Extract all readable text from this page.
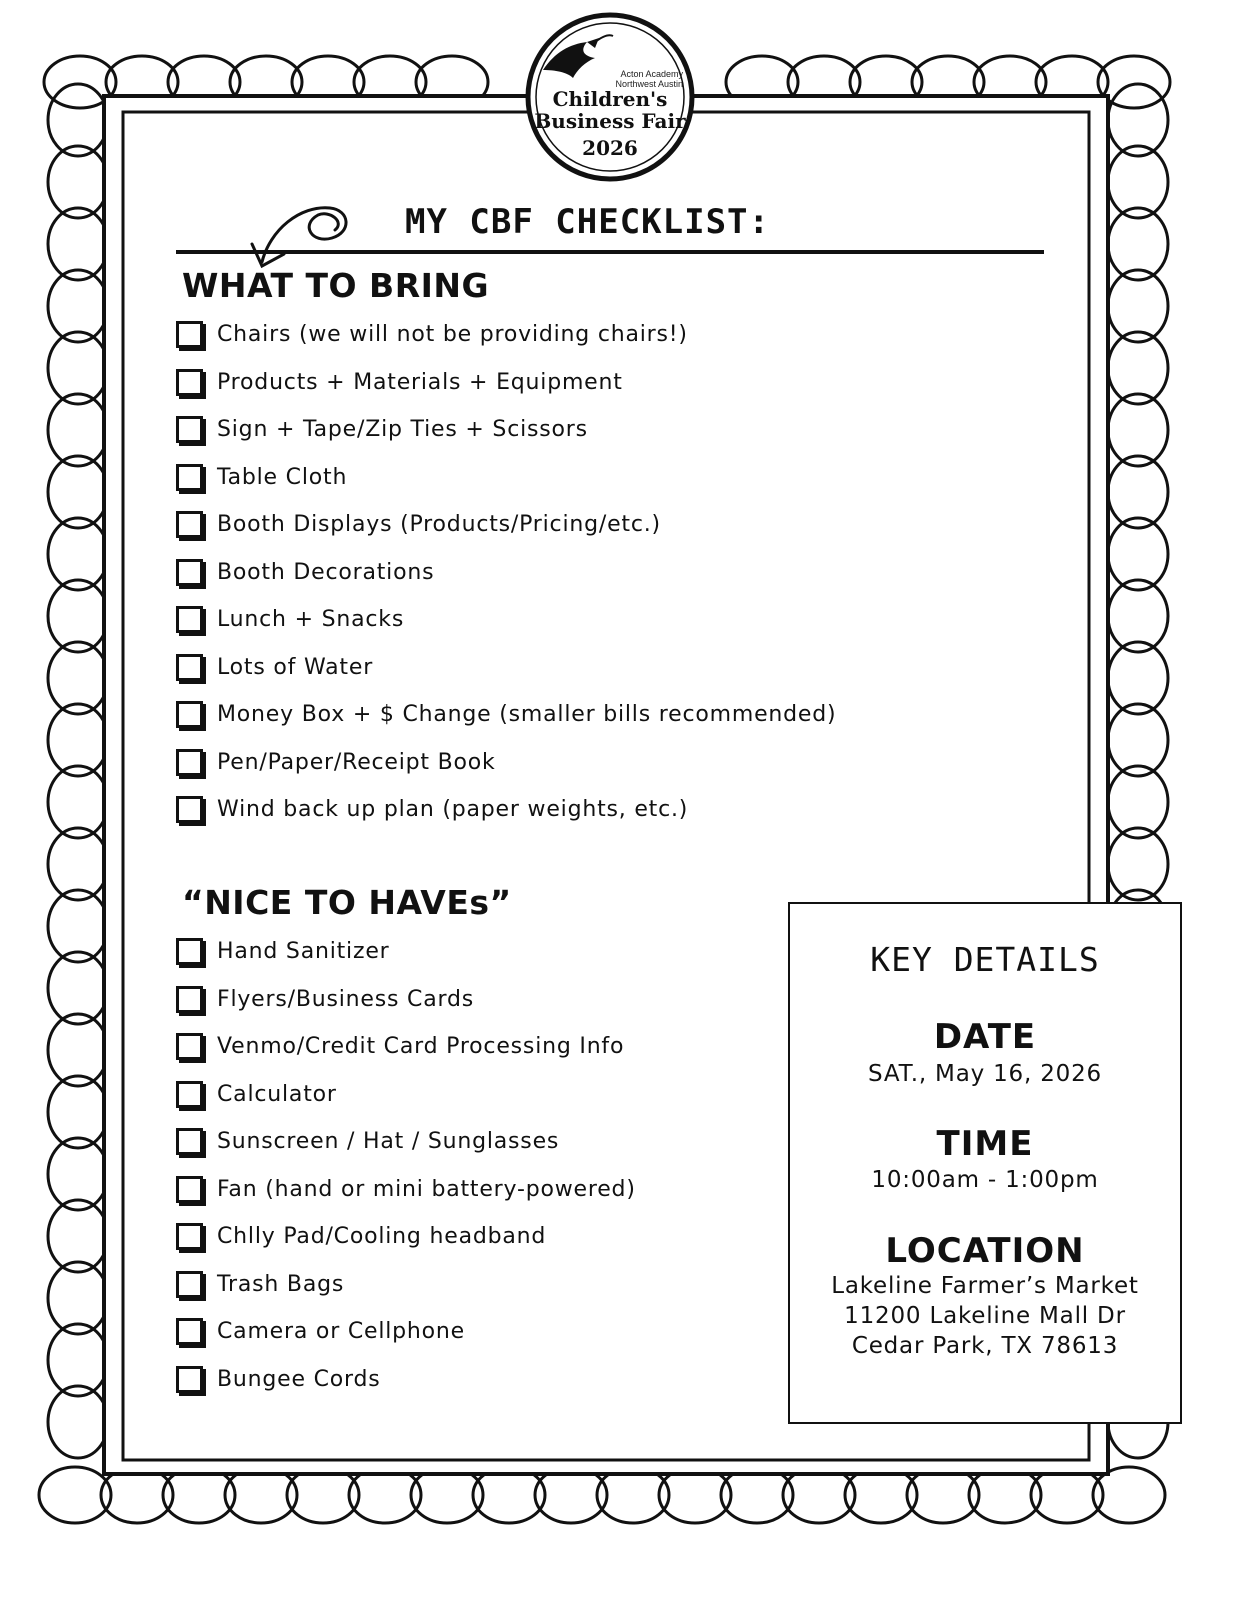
Acton Academy
Northwest Austin
Children's
Business Fair
2026
MY CBF CHECKLIST:
WHAT TO BRING
Chairs (we will not be providing chairs!)
Products + Materials + Equipment
Sign + Tape/Zip Ties + Scissors
Table Cloth
Booth Displays (Products/Pricing/etc.)
Booth Decorations
Lunch + Snacks
Lots of Water
Money Box + $ Change (smaller bills recommended)
Pen/Paper/Receipt Book
Wind back up plan (paper weights, etc.)
“NICE TO HAVEs”
Hand Sanitizer
Flyers/Business Cards
Venmo/Credit Card Processing Info
Calculator
Sunscreen / Hat / Sunglasses
Fan (hand or mini battery-powered)
Chlly Pad/Cooling headband
Trash Bags
Camera or Cellphone
Bungee Cords
KEY DETAILS
DATE
SAT., May 16, 2026
TIME
10:00am - 1:00pm
LOCATION
Lakeline Farmer’s Market
11200 Lakeline Mall Dr
Cedar Park, TX 78613
